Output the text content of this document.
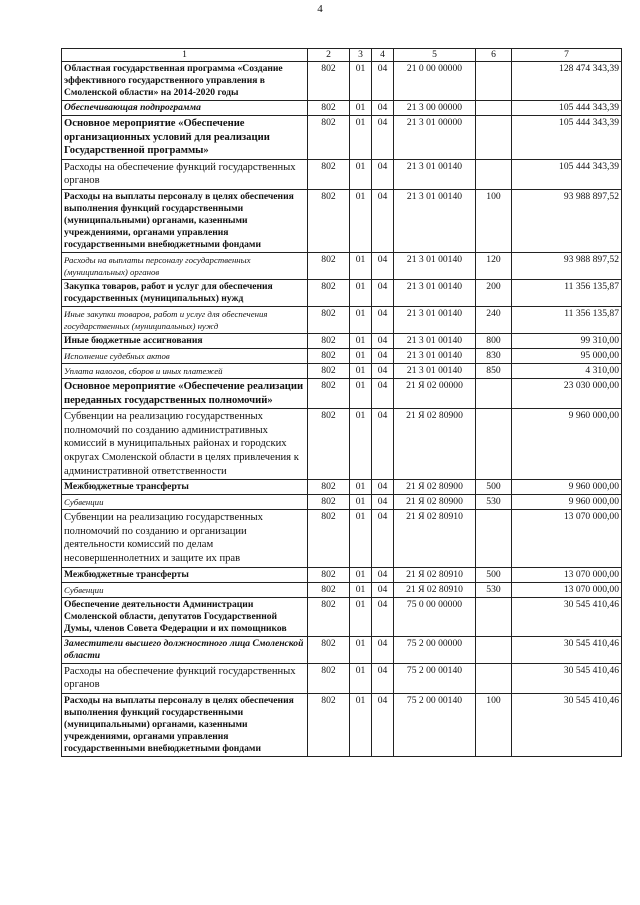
4
1	2	3	4	5	6	7
Областная государственная программа «Создание эффективного государственного управления в Смоленской области» на 2014-2020 годы	802	01	04	21 0 00 00000		128 474 343,39
Обеспечивающая подпрограмма	802	01	04	21 3 00 00000		105 444 343,39
Основное мероприятие «Обеспечение организационных условий для реализации Государственной программы»	802	01	04	21 3 01 00000		105 444 343,39
Расходы на обеспечение функций государственных органов	802	01	04	21 3 01 00140		105 444 343,39
Расходы на выплаты персоналу в целях обеспечения выполнения функций государственными (муниципальными) органами, казенными учреждениями, органами управления государственными внебюджетными фондами	802	01	04	21 3 01 00140	100	93 988 897,52
Расходы на выплаты персоналу государственных (муниципальных) органов	802	01	04	21 3 01 00140	120	93 988 897,52
Закупка товаров, работ и услуг для обеспечения государственных (муниципальных) нужд	802	01	04	21 3 01 00140	200	11 356 135,87
Иные закупки товаров, работ и услуг для обеспечения государственных (муниципальных) нужд	802	01	04	21 3 01 00140	240	11 356 135,87
Иные бюджетные ассигнования	802	01	04	21 3 01 00140	800	99 310,00
Исполнение судебных актов	802	01	04	21 3 01 00140	830	95 000,00
Уплата налогов, сборов и иных платежей	802	01	04	21 3 01 00140	850	4 310,00
Основное мероприятие «Обеспечение реализации переданных государственных полномочий»	802	01	04	21 Я 02 00000		23 030 000,00
Субвенции на реализацию государственных полномочий по созданию административных комиссий в муниципальных районах и городских округах Смоленской области в целях привлечения к административной ответственности	802	01	04	21 Я 02 80900		9 960 000,00
Межбюджетные трансферты	802	01	04	21 Я 02 80900	500	9 960 000,00
Субвенции	802	01	04	21 Я 02 80900	530	9 960 000,00
Субвенции на реализацию государственных полномочий по созданию и организации деятельности комиссий по делам несовершеннолетних и защите их прав	802	01	04	21 Я 02 80910		13 070 000,00
Межбюджетные трансферты	802	01	04	21 Я 02 80910	500	13 070 000,00
Субвенции	802	01	04	21 Я 02 80910	530	13 070 000,00
Обеспечение деятельности Администрации Смоленской области, депутатов Государственной Думы, членов Совета Федерации и их помощников	802	01	04	75 0 00 00000		30 545 410,46
Заместители высшего должностного лица Смоленской области	802	01	04	75 2 00 00000		30 545 410,46
Расходы на обеспечение функций государственных органов	802	01	04	75 2 00 00140		30 545 410,46
Расходы на выплаты персоналу в целях обеспечения выполнения функций государственными (муниципальными) органами, казенными учреждениями, органами управления государственными внебюджетными фондами	802	01	04	75 2 00 00140	100	30 545 410,46
